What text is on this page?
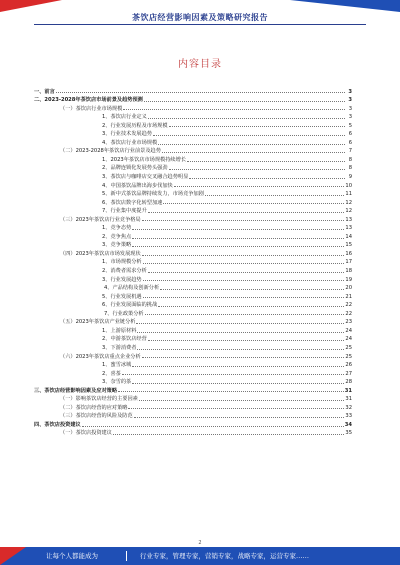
茶饮店经营影响因素及策略研究报告
内容目录
一、前言	3
二、2023-2028年茶饮店市场前景及趋势预测	3
（一）茶饮店行业市场规模	3
1、茶饮店行业定义	3
2、行业发展历程及市场规模	5
3、行业技术发展趋势	6
4、茶饮店行业市场规模	6
（二）2023-2028年茶饮店行业前景及趋势	7
1、2023年茶饮店市场规模持续增长	8
2、品牌连锁化发展势头强劲	8
3、茶饮店与咖啡店交叉融合趋势明显	9
4、中国茶饮品牌出海步伐加快	10
5、新中式茶饮品牌持续发力，市场竞争加剧	11
6、茶饮店数字化转型加速	12
7、行业集中度提升	12
（三）2023年茶饮店行业竞争格局	13
1、竞争态势	13
2、竞争焦点	14
3、竞争策略	15
（四）2023年茶饮店市场发展现状	16
1、市场规模分析	17
2、消费者需求分析	18
3、行业发展趋势	19
4、产品结构及创新分析	20
5、行业发展机遇	21
6、行业发展面临的挑战	22
7、行业政策分析	22
（五）2023年茶饮店产业链分析	23
1、上游原材料	24
2、中游茶饮店经营	24
3、下游消费者	25
（六）2023年茶饮店重点企业分析	25
1、蜜雪冰城	26
2、喜茶	27
3、奈雪的茶	28
三、茶饮店经营影响因素及应对策略	31
（一）影响茶饮店经营的主要因素	31
（二）茶饮店经营的应对策略	32
（三）茶饮店经营的风险及防范	33
四、茶饮店投资建议	34
（一）茶饮店投资建议	35
2
让每个人都能成为	行业专家，管理专家，营销专家，战略专家，运营专家……
